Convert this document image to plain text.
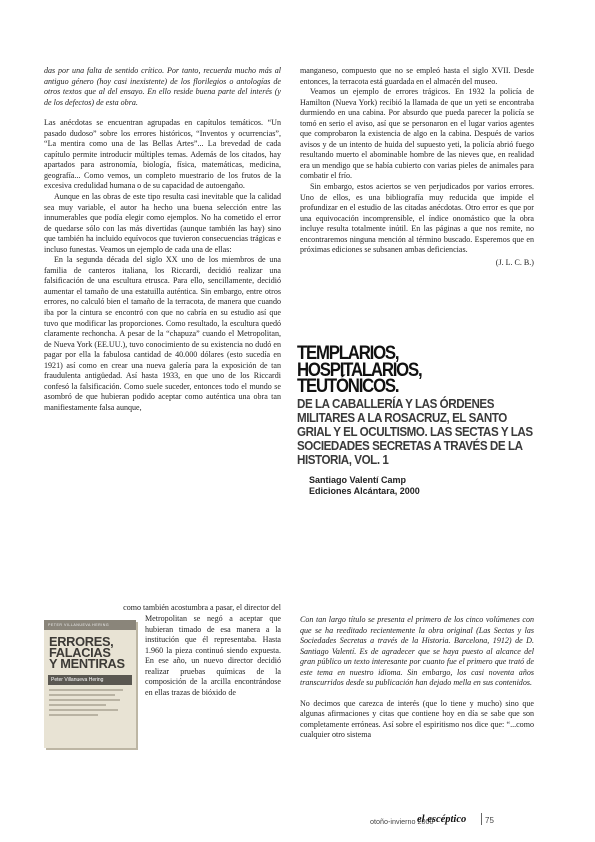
das por una falta de sentido crítico. Por tanto, recuerda mucho más al antiguo género (hoy casi inexistente) de los florilegios o antologías de otros textos que al del ensayo. En ello reside buena parte del interés (y de los defectos) de esta obra.

Las anécdotas se encuentran agrupadas en capítulos temáticos. “Un pasado dudoso” sobre los errores históricos, “Inventos y ocurrencias”, “La mentira como una de las Bellas Artes”... La brevedad de cada capítulo permite introducir múltiples temas. Además de los citados, hay apartados para astronomía, biología, física, matemáticas, medicina, geografía... Como vemos, un completo muestrario de los frutos de la excesiva credulidad humana o de su capacidad de autoengaño.

Aunque en las obras de este tipo resulta casi inevitable que la calidad sea muy variable, el autor ha hecho una buena selección entre las innumerables que podía elegir como ejemplos. No ha cometido el error de quedarse sólo con las más divertidas (aunque también las hay) sino que también ha incluido equívocos que tuvieron consecuencias trágicas e incluso funestas. Veamos un ejemplo de cada una de ellas:

En la segunda década del siglo XX uno de los miembros de una familia de canteros italiana, los Riccardi, decidió realizar una falsificación de una escultura etrusca. Para ello, sencillamente, decidió aumentar el tamaño de una estatuilla auténtica. Sin embargo, entre otros errores, no calculó bien el tamaño de la terracota, de manera que cuando iba por la cintura se encontró con que no cabría en su estudio así que tuvo que modificar las proporciones. Como resultado, la escultura quedó claramente rechoncha. A pesar de la “chapuza” cuando el Metropolitan, de Nueva York (EE.UU.), tuvo conocimiento de su existencia no dudó en pagar por ella la fabulosa cantidad de 40.000 dólares (esto sucedía en 1921) así como en crear una nueva galería para la exposición de tan fraudulenta antigüedad. Así hasta 1933, en que uno de los Riccardi confesó la falsificación. Como suele suceder, entonces todo el mundo se asombró de que hubieran podido aceptar como auténtica una obra tan manifiestamente falsa aunque,

como también acostumbra a pasar, el director del
PETER VILLANUEVA HERING
ERRORES,
FALACIAS
Y MENTIRAS
Peter Villanueva Hering
Metropolitan se negó a aceptar que hubieran timado de esa manera a la institución que él representaba. Hasta 1.960 la pieza continuó siendo expuesta. En ese año, un nuevo director decidió realizar pruebas químicas de la composición de la arcilla encontrándose en ellas trazas de bióxido de

manganeso, compuesto que no se empleó hasta el siglo XVII. Desde entonces, la terracota está guardada en el almacén del museo.

Veamos un ejemplo de errores trágicos. En 1932 la policía de Hamilton (Nueva York) recibió la llamada de que un yeti se encontraba durmiendo en una cabina. Por absurdo que pueda parecer la policía se tomó en serio el aviso, así que se personaron en el lugar varios agentes que comprobaron la existencia de algo en la cabina. Después de varios avisos y de un intento de huida del supuesto yeti, la policía abrió fuego resultando muerto el abominable hombre de las nieves que, en realidad era un mendigo que se había cubierto con varias pieles de animales para combatir el frío.

Sin embargo, estos aciertos se ven perjudicados por varios errores. Uno de ellos, es una bibliografía muy reducida que impide el profundizar en el estudio de las citadas anécdotas. Otro error es que por una equivocación incomprensible, el índice onomástico que la obra incluye resulta totalmente inútil. En las páginas a que nos remite, no encontraremos ninguna mención al término buscado. Esperemos que en próximas ediciones se subsanen ambas deficiencias.

(J. L. C. B.)
TEMPLARIOS,
HOSPITALARIOS,
TEUTÓNICOS.
DE LA CABALLERÍA Y LAS ÓRDENES MILITARES A LA ROSACRUZ, EL SANTO GRIAL Y EL OCULTISMO. LAS SECTAS Y LAS SOCIEDADES SECRETAS A TRAVÉS DE LA HISTORIA, VOL. 1
Santiago Valentí Camp
Ediciones Alcántara, 2000

Con tan largo título se presenta el primero de los cinco volúmenes con que se ha reeditado recientemente la obra original (Las Sectas y las Sociedades Secretas a través de la Historia. Barcelona, 1912) de D. Santiago Valentí. Es de agradecer que se haya puesto al alcance del gran público un texto interesante por cuanto fue el primero que trató de este tema en nuestro idioma. Sin embargo, los casi noventa años transcurridos desde su publicación han dejado mella en sus contenidos.

No decimos que carezca de interés (que lo tiene y mucho) sino que algunas afirmaciones y citas que contiene hoy en día se sabe que son completamente erróneas. Así sobre el espiritismo nos dice que: “...como cualquier otro sistema

otoño-invierno 2000
el escéptico 75
